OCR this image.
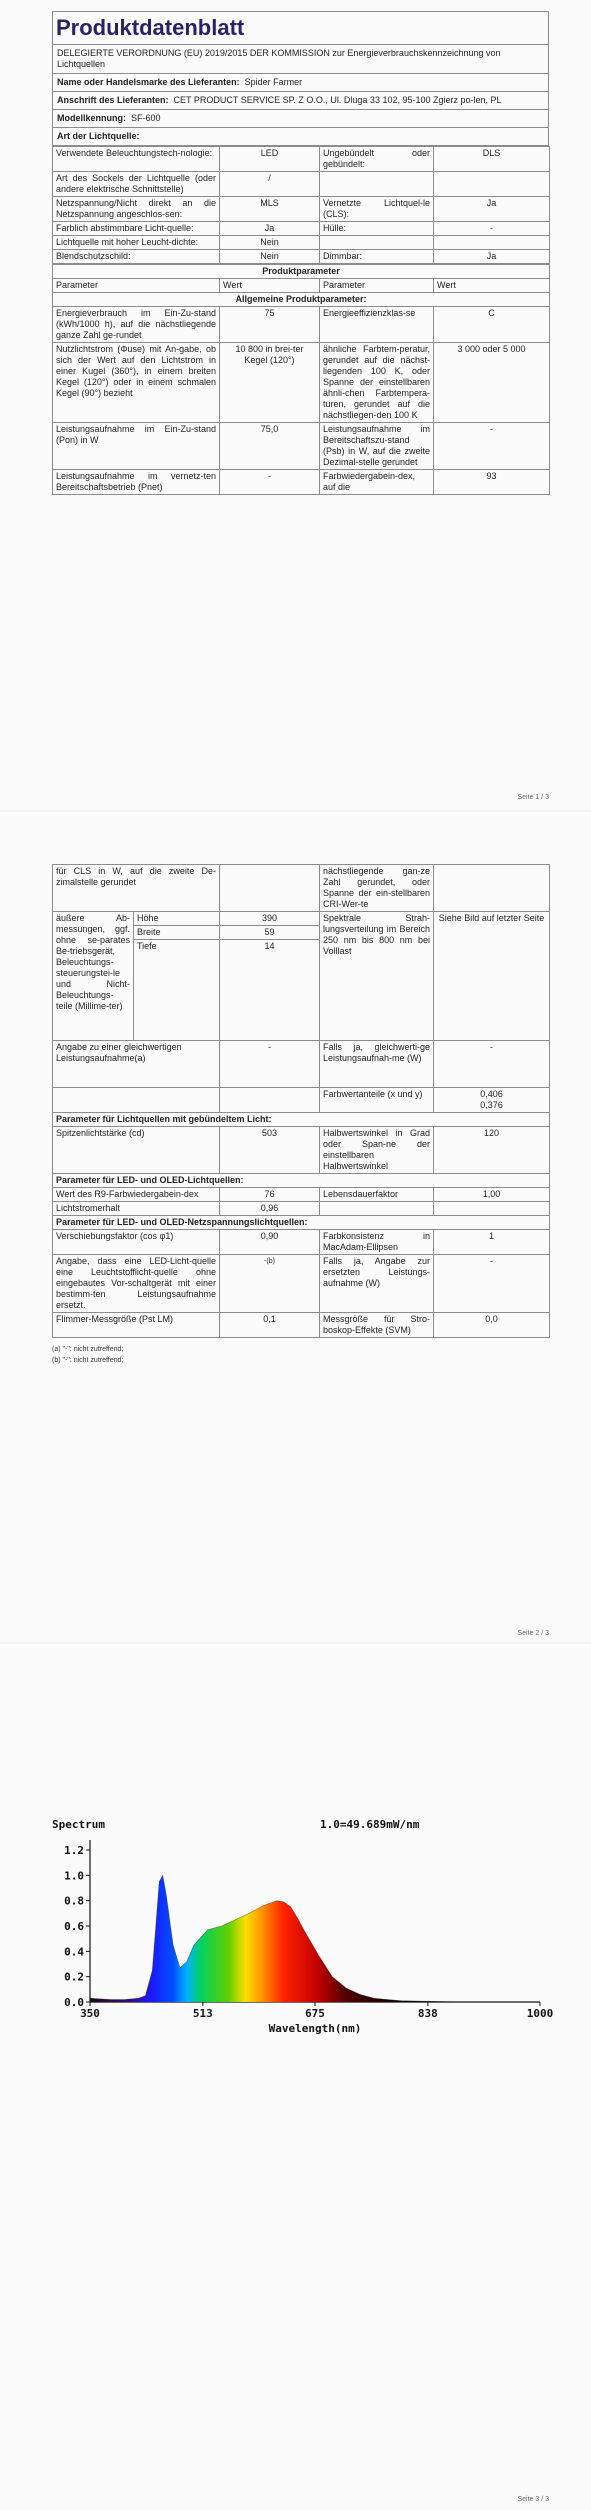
Produktdatenblatt
DELEGIERTE VERORDNUNG (EU) 2019/2015 DER KOMMISSION zur Energieverbrauchskennzeichnung von Lichtquellen
Name oder Handelsmarke des Lieferanten: Spider Farmer
Anschrift des Lieferanten: CET PRODUCT SERVICE SP. Z O.O., Ul. Dluga 33 102, 95-100 Zgierz po-len, PL
Modellkennung: SF-600
Art der Lichtquelle:
Verwendete Beleuchtungstech-nologie:	LED	Ungebündelt oder gebündelt:	DLS
Art des Sockels der Lichtquelle (oder andere elektrische Schnittstelle)	/		
Netzspannung/Nicht direkt an die Netzspannung angeschlos-sen:	MLS	Vernetzte Lichtquel-le (CLS):	Ja
Farblich abstimmbare Licht-quelle:	Ja	Hülle:	-
Lichtquelle mit hoher Leucht-dichte:	Nein		
Blendschutzschild:	Nein	Dimmbar:	Ja
Produktparameter			
Parameter	Wert	Parameter	Wert
Allgemeine Produktparameter:			
Energieverbrauch im Ein-Zu-stand (kWh/1000 h), auf die nächstliegende ganze Zahl ge-rundet	75	Energieeffizienzklas-se	C
Nutzlichtstrom (Φuse) mit An-gabe, ob sich der Wert auf den Lichtstrom in einer Kugel (360°), in einem breiten Kegel (120°) oder in einem schmalen Kegel (90°) bezieht	10 800 in brei-ter Kegel (120°)	ähnliche Farbtem-peratur, gerundet auf die nächst-liegenden 100 K, oder Spanne der einstellbaren ähnli-chen Farbtempera-turen, gerundet auf die nächstliegen-den 100 K	3 000 oder 5 000
Leistungsaufnahme im Ein-Zu-stand (Pon) in W	75,0	Leistungsaufnahme im Bereitschaftszu-stand (Psb) in W, auf die zweite Dezimal-stelle gerundet	-
Leistungsaufnahme im vernetz-ten Bereitschaftsbetrieb (Pnet)	-	Farbwiedergabein-dex, auf die	93
Seite 1 / 3
für CLS in W, auf die zweite De-zimalstelle gerundet			nächstliegende gan-ze Zahl gerundet, oder Spanne der ein-stellbaren CRI-Wer-te	
äußere Ab-messungen, ggf. ohne se-parates Be-triebsgerät, Beleuchtungs-steuerungstei-le und Nicht-Beleuchtungs-teile (Millime-ter)	Höhe	390	Spektrale Strah-lungsverteilung im Bereich 250 nm bis 800 nm bei Volllast	Siehe Bild auf letzter Seite
	Breite	59		
	Tiefe	14		

Angabe zu einer gleichwertigen Leistungsaufnahme(a)		-	Falls ja, gleichwerti-ge Leistungsaufnah-me (W)	-
			Farbwertanteile (x und y)	0,406
0,376

Parameter für Lichtquellen mit gebündeltem Licht:				
Spitzenlichtstärke (cd)		503	Halbwertswinkel in Grad oder Span-ne der einstellbaren Halbwertswinkel	120
Parameter für LED- und OLED-Lichtquellen:				
Wert des R9-Farbwiedergabein-dex		76	Lebensdauerfaktor	1,00
Lichtstromerhalt		0,96		
Parameter für LED- und OLED-Netzspannungslichtquellen:				
Verschiebungsfaktor (cos φ1)		0,90	Farbkonsistenz in MacAdam-Ellipsen	1
Angabe, dass eine LED-Licht-quelle eine Leuchtstofflicht-quelle ohne eingebautes Vor-schaltgerät mit einer bestimm-ten Leistungsaufnahme ersetzt.		-(b)	Falls ja, Angabe zur ersetzten Leistungs-aufnahme (W)	-
Flimmer-Messgröße (Pst LM)		0,1	Messgröße für Stro-boskop-Effekte (SVM)	0,0
(a) "-": nicht zutreffend;
(b) "-": nicht zutreffend;
Seite 2 / 3
Spectrum	1.0=49.689mW/nm
0.0
0.2
0.4
0.6
0.8
1.0
1.2
350	513	675	838	1000
Wavelength(nm)
Seite 3 / 3
